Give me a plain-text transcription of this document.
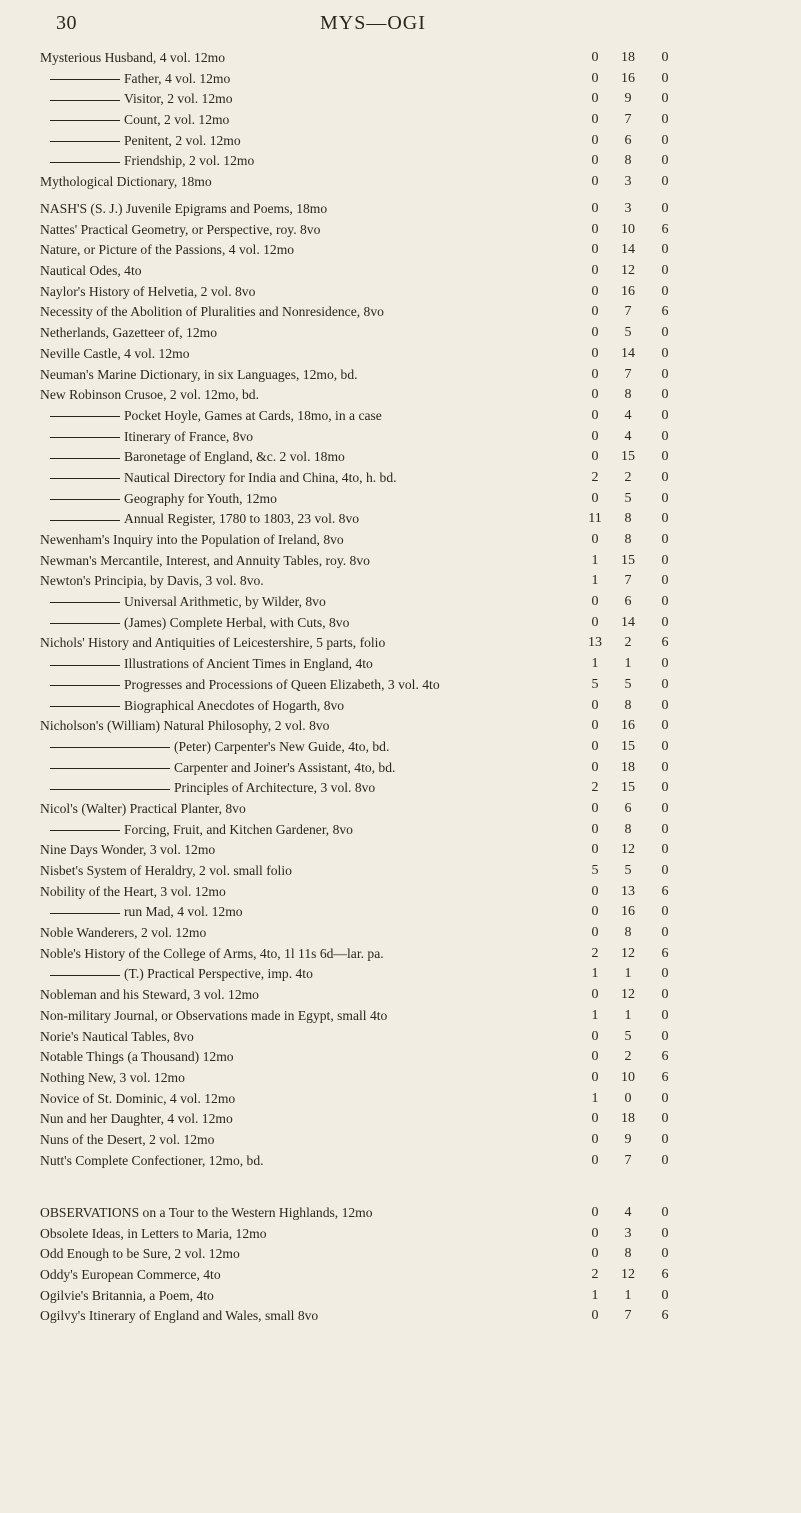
30	MYS—OGI
Mysterious Husband, 4 vol. 12mo	0	18	0
Father, 4 vol. 12mo	0	16	0
Visitor, 2 vol. 12mo	0	9	0
Count, 2 vol. 12mo	0	7	0
Penitent, 2 vol. 12mo	0	6	0
Friendship, 2 vol. 12mo	0	8	0
Mythological Dictionary, 18mo	0	3	0
NASH'S (S. J.) Juvenile Epigrams and Poems, 18mo	0	3	0
Nattes' Practical Geometry, or Perspective, roy. 8vo	0	10	6
Nature, or Picture of the Passions, 4 vol. 12mo	0	14	0
Nautical Odes, 4to	0	12	0
Naylor's History of Helvetia, 2 vol. 8vo	0	16	0
Necessity of the Abolition of Pluralities and Nonresidence, 8vo	0	7	6
Netherlands, Gazetteer of, 12mo	0	5	0
Neville Castle, 4 vol. 12mo	0	14	0
Neuman's Marine Dictionary, in six Languages, 12mo, bd.	0	7	0
New Robinson Crusoe, 2 vol. 12mo, bd.	0	8	0
Pocket Hoyle, Games at Cards, 18mo, in a case	0	4	0
Itinerary of France, 8vo	0	4	0
Baronetage of England, &c. 2 vol. 18mo	0	15	0
Nautical Directory for India and China, 4to, h. bd.	2	2	0
Geography for Youth, 12mo	0	5	0
Annual Register, 1780 to 1803, 23 vol. 8vo	11	8	0
Newenham's Inquiry into the Population of Ireland, 8vo	0	8	0
Newman's Mercantile, Interest, and Annuity Tables, roy. 8vo	1	15	0
Newton's Principia, by Davis, 3 vol. 8vo.	1	7	0
Universal Arithmetic, by Wilder, 8vo	0	6	0
(James) Complete Herbal, with Cuts, 8vo	0	14	0
Nichols' History and Antiquities of Leicestershire, 5 parts, folio	13	2	6
Illustrations of Ancient Times in England, 4to	1	1	0
Progresses and Processions of Queen Elizabeth, 3 vol. 4to	5	5	0
Biographical Anecdotes of Hogarth, 8vo	0	8	0
Nicholson's (William) Natural Philosophy, 2 vol. 8vo	0	16	0
(Peter) Carpenter's New Guide, 4to, bd.	0	15	0
Carpenter and Joiner's Assistant, 4to, bd.	0	18	0
Principles of Architecture, 3 vol. 8vo	2	15	0
Nicol's (Walter) Practical Planter, 8vo	0	6	0
Forcing, Fruit, and Kitchen Gardener, 8vo	0	8	0
Nine Days Wonder, 3 vol. 12mo	0	12	0
Nisbet's System of Heraldry, 2 vol. small folio	5	5	0
Nobility of the Heart, 3 vol. 12mo	0	13	6
run Mad, 4 vol. 12mo	0	16	0
Noble Wanderers, 2 vol. 12mo	0	8	0
Noble's History of the College of Arms, 4to, 1l 11s 6d—lar. pa.	2	12	6
(T.) Practical Perspective, imp. 4to	1	1	0
Nobleman and his Steward, 3 vol. 12mo	0	12	0
Non-military Journal, or Observations made in Egypt, small 4to	1	1	0
Norie's Nautical Tables, 8vo	0	5	0
Notable Things (a Thousand) 12mo	0	2	6
Nothing New, 3 vol. 12mo	0	10	6
Novice of St. Dominic, 4 vol. 12mo	1	0	0
Nun and her Daughter, 4 vol. 12mo	0	18	0
Nuns of the Desert, 2 vol. 12mo	0	9	0
Nutt's Complete Confectioner, 12mo, bd.	0	7	0
OBSERVATIONS on a Tour to the Western Highlands, 12mo	0	4	0
Obsolete Ideas, in Letters to Maria, 12mo	0	3	0
Odd Enough to be Sure, 2 vol. 12mo	0	8	0
Oddy's European Commerce, 4to	2	12	6
Ogilvie's Britannia, a Poem, 4to	1	1	0
Ogilvy's Itinerary of England and Wales, small 8vo	0	7	6
